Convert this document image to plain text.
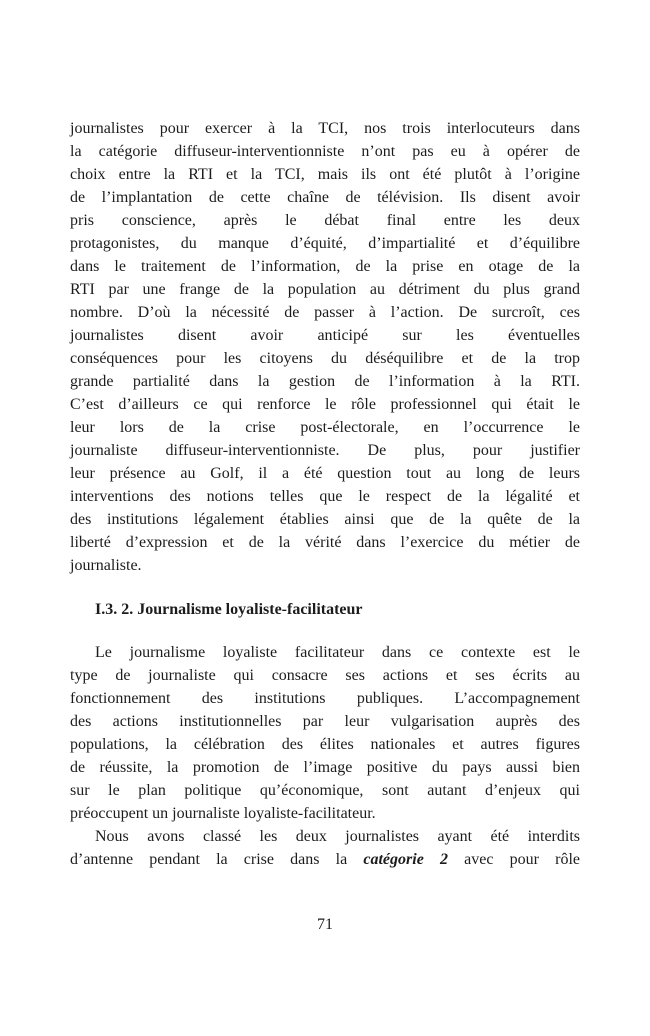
journalistes pour exercer à la TCI, nos trois interlocuteurs dans
la catégorie diffuseur-interventionniste n’ont pas eu à opérer de
choix entre la RTI et la TCI, mais ils ont été plutôt à l’origine
de l’implantation de cette chaîne de télévision. Ils disent avoir
pris conscience, après le débat final entre les deux
protagonistes, du manque d’équité, d’impartialité et d’équilibre
dans le traitement de l’information, de la prise en otage de la
RTI par une frange de la population au détriment du plus grand
nombre. D’où la nécessité de passer à l’action. De surcroît, ces
journalistes disent avoir anticipé sur les éventuelles
conséquences pour les citoyens du déséquilibre et de la trop
grande partialité dans la gestion de l’information à la RTI.
C’est d’ailleurs ce qui renforce le rôle professionnel qui était le
leur lors de la crise post-électorale, en l’occurrence le
journaliste diffuseur-interventionniste. De plus, pour justifier
leur présence au Golf, il a été question tout au long de leurs
interventions des notions telles que le respect de la légalité et
des institutions légalement établies ainsi que de la quête de la
liberté d’expression et de la vérité dans l’exercice du métier de
journaliste.
I.3. 2. Journalisme loyaliste-facilitateur
Le journalisme loyaliste facilitateur dans ce contexte est le
type de journaliste qui consacre ses actions et ses écrits au
fonctionnement des institutions publiques. L’accompagnement
des actions institutionnelles par leur vulgarisation auprès des
populations, la célébration des élites nationales et autres figures
de réussite, la promotion de l’image positive du pays aussi bien
sur le plan politique qu’économique, sont autant d’enjeux qui
préoccupent un journaliste loyaliste-facilitateur.
Nous avons classé les deux journalistes ayant été interdits
d’antenne pendant la crise dans la catégorie 2 avec pour rôle
71
